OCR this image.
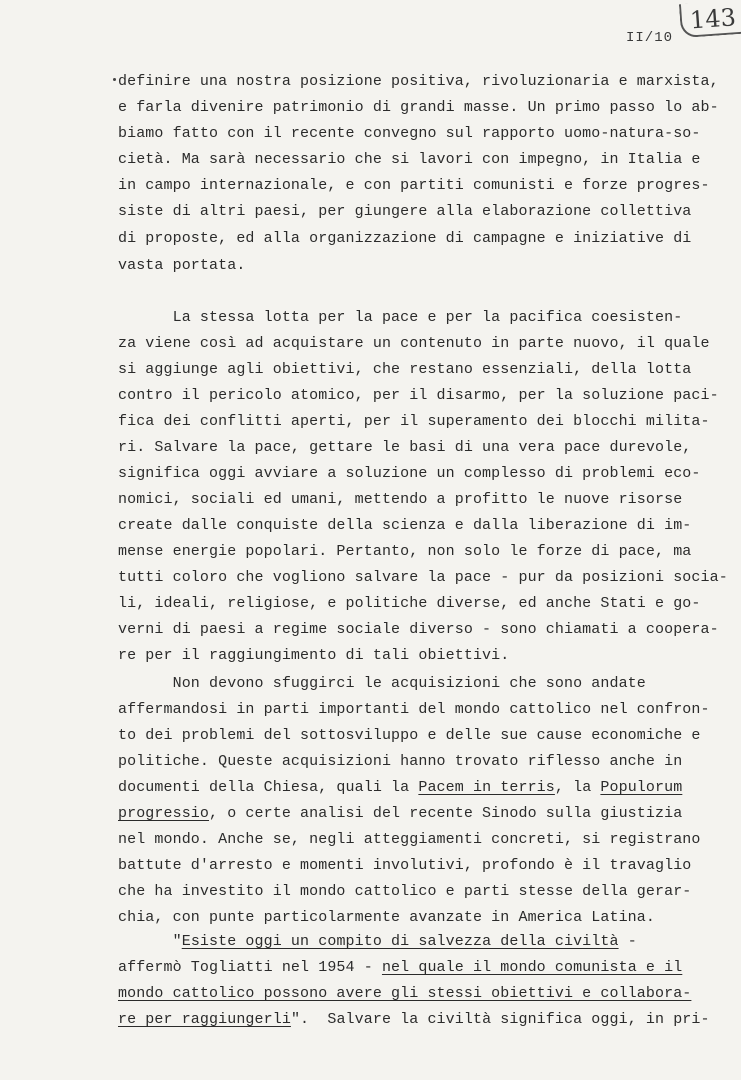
II/10
143
definire una nostra posizione positiva, rivoluzionaria e marxista,
e farla divenire patrimonio di grandi masse. Un primo passo lo ab-
biamo fatto con il recente convegno sul rapporto uomo-natura-so-
cietà. Ma sarà necessario che si lavori con impegno, in Italia e
in campo internazionale, e con partiti comunisti e forze progres-
siste di altri paesi, per giungere alla elaborazione collettiva
di proposte, ed alla organizzazione di campagne e iniziative di
vasta portata.
La stessa lotta per la pace e per la pacifica coesisten-
za viene così ad acquistare un contenuto in parte nuovo, il quale
si aggiunge agli obiettivi, che restano essenziali, della lotta
contro il pericolo atomico, per il disarmo, per la soluzione paci-
fica dei conflitti aperti, per il superamento dei blocchi milita-
ri. Salvare la pace, gettare le basi di una vera pace durevole,
significa oggi avviare a soluzione un complesso di problemi eco-
nomici, sociali ed umani, mettendo a profitto le nuove risorse
create dalle conquiste della scienza e dalla liberazione di im-
mense energie popolari. Pertanto, non solo le forze di pace, ma
tutti coloro che vogliono salvare la pace - pur da posizioni socia-
li, ideali, religiose, e politiche diverse, ed anche Stati e go-
verni di paesi a regime sociale diverso - sono chiamati a coopera-
re per il raggiungimento di tali obiettivi.
Non devono sfuggirci le acquisizioni che sono andate
affermandosi in parti importanti del mondo cattolico nel confron-
to dei problemi del sottosviluppo e delle sue cause economiche e
politiche. Queste acquisizioni hanno trovato riflesso anche in
documenti della Chiesa, quali la Pacem in terris, la Populorum
progressio, o certe analisi del recente Sinodo sulla giustizia
nel mondo. Anche se, negli atteggiamenti concreti, si registrano
battute d'arresto e momenti involutivi, profondo è il travaglio
che ha investito il mondo cattolico e parti stesse della gerar-
chia, con punte particolarmente avanzate in America Latina.
"Esiste oggi un compito di salvezza della civiltà -
affermò Togliatti nel 1954 - nel quale il mondo comunista e il
mondo cattolico possono avere gli stessi obiettivi e collabora-
re per raggiungerli".  Salvare la civiltà significa oggi, in pri-
